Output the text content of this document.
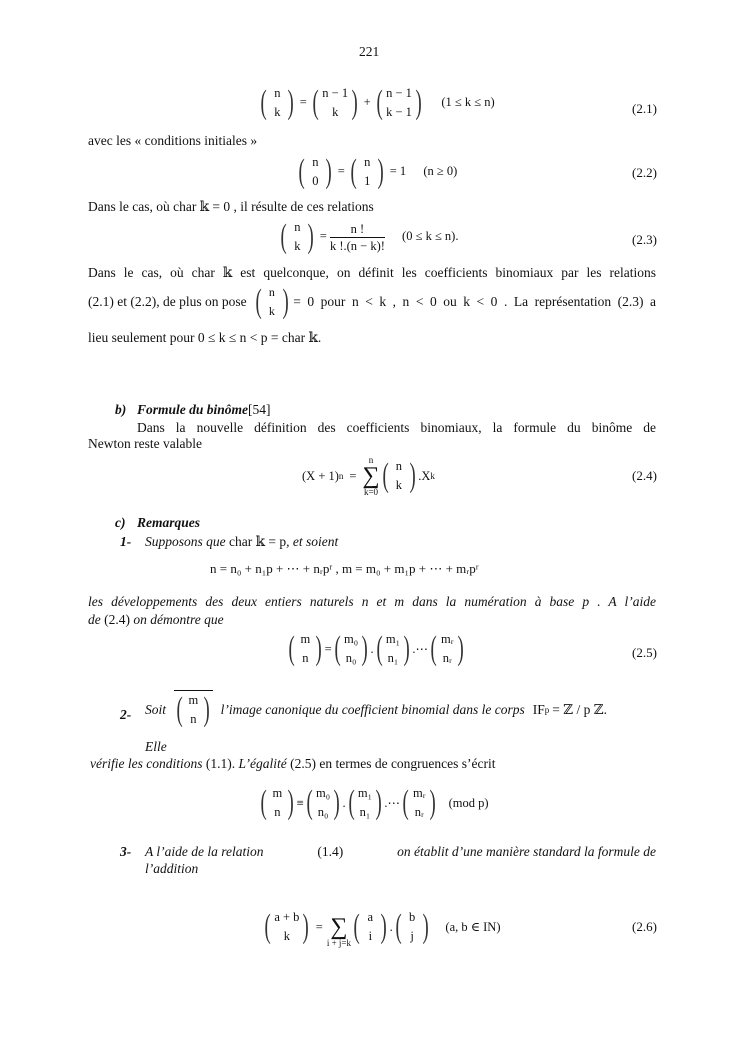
221
( n
k ) = ( n − 1
k ) + ( n − 1
k − 1 ) (1 ≤ k ≤ n)	(2.1)
avec les « conditions initiales »
( n
0 ) = ( n
1 ) = 1 (n ≥ 0)	(2.2)
Dans le cas, où char 𝕜 = 0 , il résulte de ces relations
( n
k ) = $\frac{n !}{k !.(n - k)!} (0 \le k \le n)$.	(2.3)
Dans le cas, où char 𝕜 est quelconque, on définit les coefficients binomiaux par les relations
(2.1) et (2.2), de plus on pose ( n
k ) = 0 pour n < k , n < 0 ou k < 0 . La représentation (2.3) a
lieu seulement pour 0 ≤ k ≤ n < p = char 𝕜.
b) Formule du binôme[54]
Dans la nouvelle définition des coefficients binomiaux, la formule du binôme de
Newton reste valable
(X + 1) n =
n
∑
k=0 ( n
k ) .X k	(2.4)
c) Remarques
1- Supposons que char 𝕜 = p, et soient
n = n₀ + n₁p + ⋯ + nᵣpʳ , m = m₀ + m₁p + ⋯ + mᵣpʳ
les développements des deux entiers naturels n et m dans la numération à base p . A l’aide
de (2.4) on démontre que
( m
n ) = ( m₀
n₀ ) . ( m₁
n₁ ) .⋯ ( mᵣ
nᵣ )	(2.5)
2- Soit ( m
n ) l’image canonique du coefficient binomial dans le corps IF p = ℤ / p ℤ.
Elle
vérifie les conditions (1.1). L’égalité (2.5) en termes de congruences s’écrit
( m
n ) ≡ ( m₀
n₀ ) . ( m₁
n₁ ) .⋯ ( mᵣ
nᵣ ) (mod p)
3- A l’aide de la relation	(1.4)	on établit d’une manière standard la formule de
l’addition
( a + b
k ) =
∑
i + j=k ( a
i ) . ( b
j ) (a, b ∈ IN)	(2.6)
